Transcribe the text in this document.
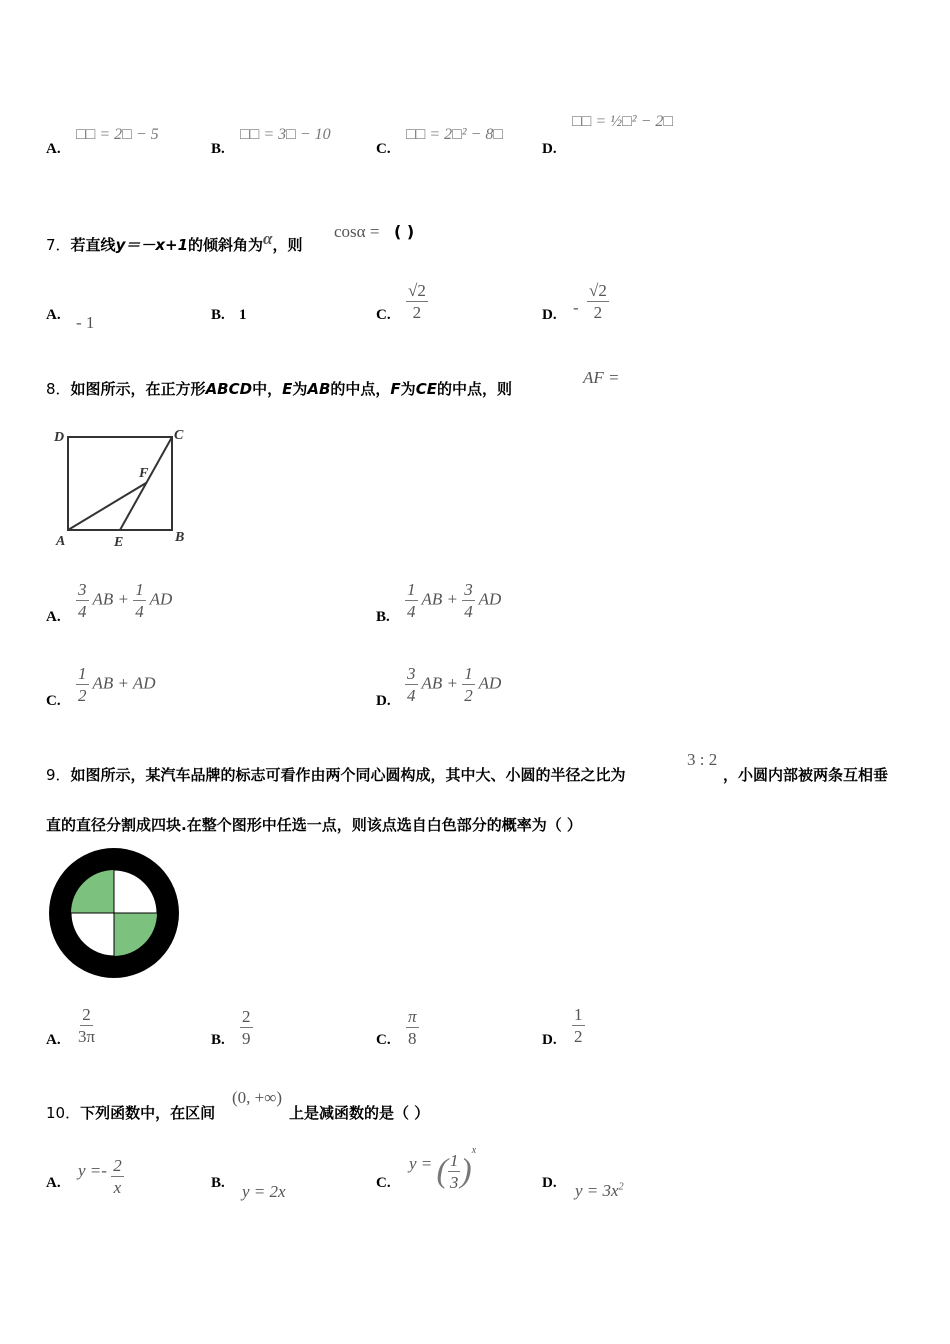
A.
□□ = 2□ − 5
B.
□□ = 3□ − 10
C.
□□ = 2□² − 8□
D.
□□ = ½□² − 2□
7．若直线y＝－x+1的倾斜角为α，则
cosα = ( )
A. - 1	B. 1	C. $\frac{√2}{2}$	D. - $\frac{√2}{2}$
8．如图所示，在正方形ABCD中，E为AB的中点，F为CE的中点，则
AF =
D	C
F
A	E	B
A. $\frac{3}{4}$ AB + $\frac{1}{4}$ AD
B. $\frac{1}{4}$ AB + $\frac{3}{4}$ AD
C. $\frac{1}{2}$ AB + AD
D. $\frac{3}{4}$ AB + $\frac{1}{2}$ AD
9．如图所示，某汽车品牌的标志可看作由两个同心圆构成，其中大、小圆的半径之比为
3 : 2
，小圆内部被两条互相垂
直的直径分割成四块.在整个图形中任选一点，则该点选自白色部分的概率为（ ）
A. $\frac{2}{3\pi}$	B. $\frac{2}{9}$	C. $\frac{\pi}{8}$	D. $\frac{1}{2}$
10．下列函数中，在区间
(0, +∞)
上是减函数的是（ ）
A.
$y =- \frac{2}{x}$	B. y = 2x	C.
y = ( $\frac{1}{3} )^x$
D. $y = 3x^2$
